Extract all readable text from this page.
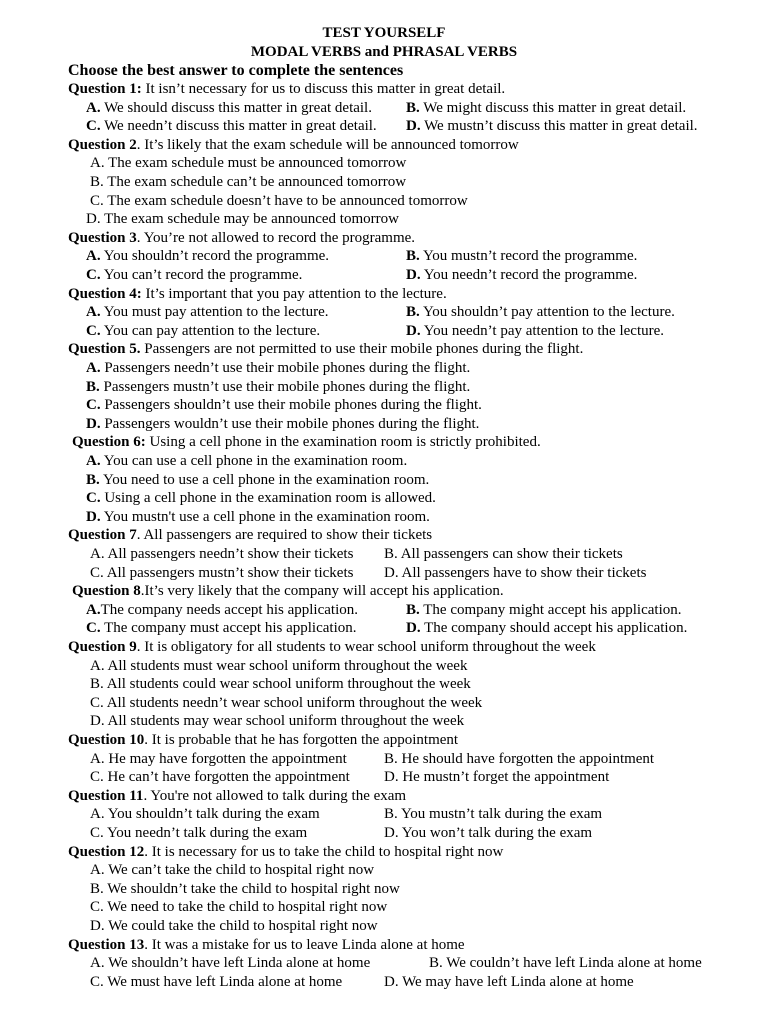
TEST YOURSELF
MODAL VERBS and PHRASAL VERBS
Choose the best answer to complete the sentences
Question 1: It isn’t necessary for us to discuss this matter in great detail.
A. We should discuss this matter in great detail. B. We might discuss this matter in great detail.
C. We needn’t discuss this matter in great detail. D. We mustn’t discuss this matter in great detail.
Question 2. It’s likely that the exam schedule will be announced tomorrow
A. The exam schedule must be announced tomorrow
B. The exam schedule can’t be announced tomorrow
C. The exam schedule doesn’t have to be announced tomorrow
D. The exam schedule may be announced tomorrow
Question 3. You’re not allowed to record the programme.
A. You shouldn’t record the programme.	B. You mustn’t record the programme.
C. You can’t record the programme.	D. You needn’t record the programme.
Question 4: It’s important that you pay attention to the lecture.
A. You must pay attention to the lecture.	B. You shouldn’t pay attention to the lecture.
C. You can pay attention to the lecture.	D. You needn’t pay attention to the lecture.
Question 5. Passengers are not permitted to use their mobile phones during the flight.
A. Passengers needn’t use their mobile phones during the flight.
B. Passengers mustn’t use their mobile phones during the flight.
C. Passengers shouldn’t use their mobile phones during the flight.
D. Passengers wouldn’t use their mobile phones during the flight.
Question 6: Using a cell phone in the examination room is strictly prohibited.
A. You can use a cell phone in the examination room.
B. You need to use a cell phone in the examination room.
C. Using a cell phone in the examination room is allowed.
D. You mustn't use a cell phone in the examination room.
Question 7. All passengers are required to show their tickets
A. All passengers needn’t show their tickets B. All passengers can show their tickets
C. All passengers mustn’t show their tickets D. All passengers have to show their tickets
Question 8.It’s very likely that the company will accept his application.
A.The company needs accept his application.	B. The company might accept his application.
C. The company must accept his application.	D. The company should accept his application.
Question 9. It is obligatory for all students to wear school uniform throughout the week
A. All students must wear school uniform throughout the week
B. All students could wear school uniform throughout the week
C. All students needn’t wear school uniform throughout the week
D. All students may wear school uniform throughout the week
Question 10. It is probable that he has forgotten the appointment
A. He may have forgotten the appointment B. He should have forgotten the appointment
C. He can’t have forgotten the appointment D. He mustn’t forget the appointment
Question 11. You're not allowed to talk during the exam
A. You shouldn’t talk during the exam	B. You mustn’t talk during the exam
C. You needn’t talk during the exam	D. You won’t talk during the exam
Question 12. It is necessary for us to take the child to hospital right now
A. We can’t take the child to hospital right now
B. We shouldn’t take the child to hospital right now
C. We need to take the child to hospital right now
D. We could take the child to hospital right now
Question 13. It was a mistake for us to leave Linda alone at home
A. We shouldn’t have left Linda alone at home	B. We couldn’t have left Linda alone at home
C. We must have left Linda alone at home	D. We may have left Linda alone at home
